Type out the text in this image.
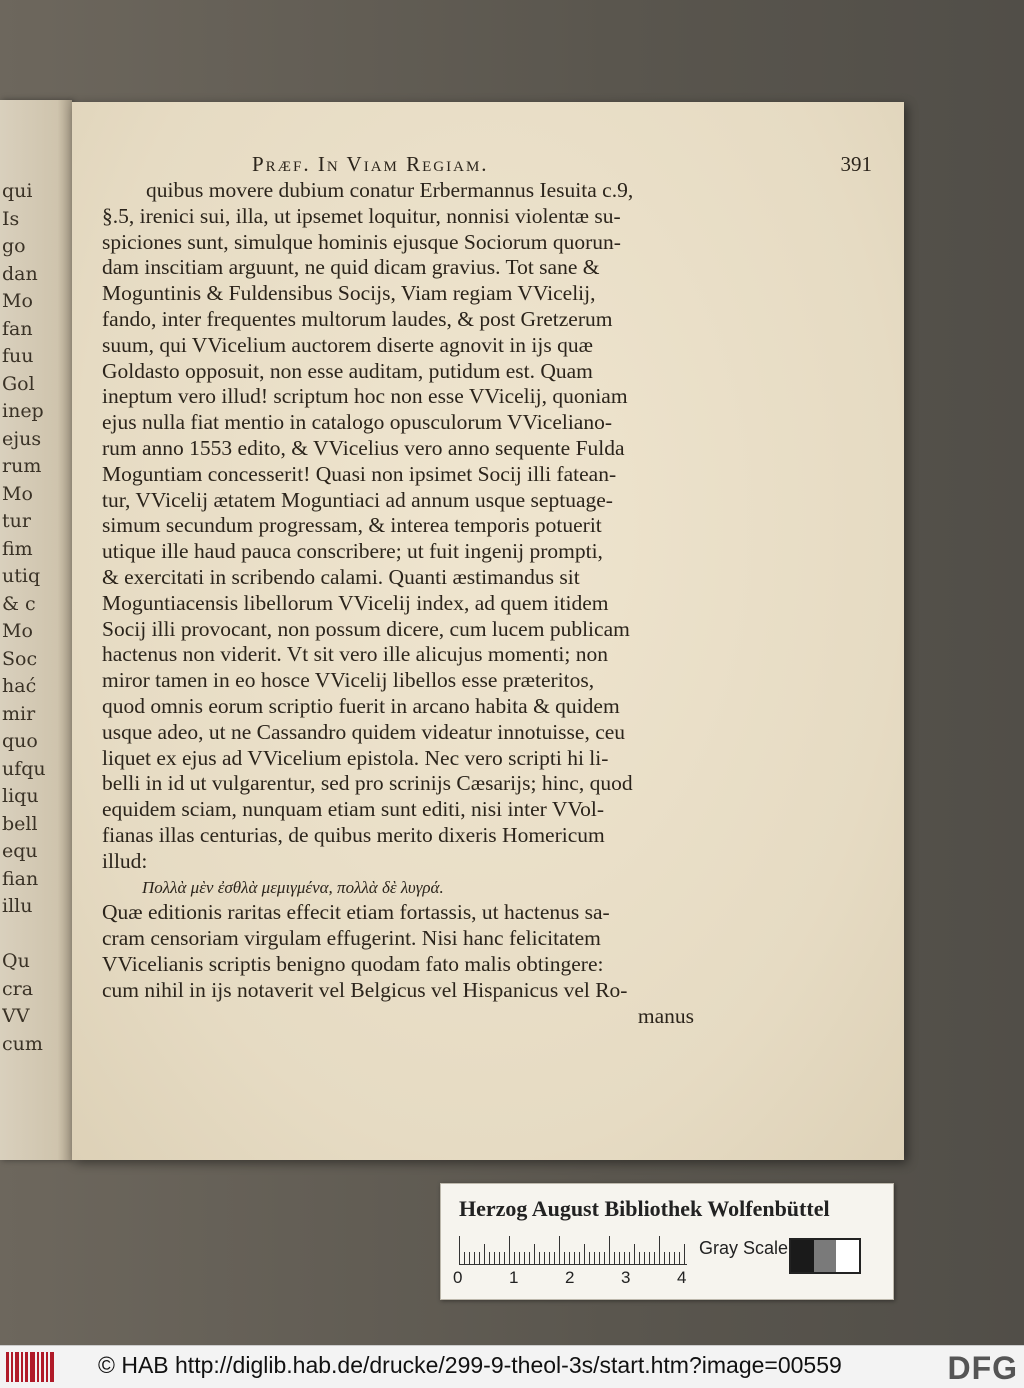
qui
Is
go
dan
Mo
fan
fuu
Gol
inep
ejus
rum
Mo
tur
fim
utiq
& c
Mo
Soc
hać
mir
quo
ufqu
liqu
bell
equ
fian
illu
Qu
cra
VV
cum
Præf. In Viam Regiam.	391
quibus movere dubium conatur Erbermannus Iesuita c.9,
§.5, irenici sui, illa, ut ipsemet loquitur, nonnisi violentæ su-
spiciones sunt, simulque hominis ejusque Sociorum quorun-
dam inscitiam arguunt, ne quid dicam gravius. Tot sane &
Moguntinis & Fuldensibus Socijs, Viam regiam VVicelij,
fando, inter frequentes multorum laudes, & post Gretzerum
suum, qui VVicelium auctorem diserte agnovit in ijs quæ
Goldasto opposuit, non esse auditam, putidum est. Quam
ineptum vero illud! scriptum hoc non esse VVicelij, quoniam
ejus nulla fiat mentio in catalogo opusculorum VVicelianо-
rum anno 1553 edito, & VVicelius vero anno sequente Fulda
Moguntiam concesserit! Quasi non ipsimet Socij illi fatean-
tur, VVicelij ætatem Moguntiaci ad annum usque septuage-
simum secundum progressam, & interea temporis potuerit
utique ille haud pauca conscribere; ut fuit ingenij prompti,
& exercitati in scribendo calami. Quanti æstimandus sit
Moguntiacensis libellorum VVicelij index, ad quem itidem
Socij illi provocant, non possum dicere, cum lucem publicam
hactenus non viderit. Vt sit vero ille alicujus momenti; non
miror tamen in eo hosce VVicelij libellos esse præteritos,
quod omnis eorum scriptio fuerit in arcano habita & quidem
usque adeo, ut ne Cassandro quidem videatur innotuisse, ceu
liquet ex ejus ad VVicelium epistola. Nec vero scripti hi li-
belli in id ut vulgarentur, sed pro scrinijs Cæsarijs; hinc, quod
equidem sciam, nunquam etiam sunt editi, nisi inter VVol-
fianas illas centurias, de quibus merito dixeris Homericum
illud:
Πολλὰ μὲν ἐσθλὰ μεμιγμένα, πολλὰ δὲ λυγρά.
Quæ editionis raritas effecit etiam fortassis, ut hactenus sa-
cram censoriam virgulam effugerint. Nisi hanc felicitatem
VVicelianis scriptis benigno quodam fato malis obtingere:
cum nihil in ijs notaverit vel Belgicus vel Hispanicus vel Ro-
manus
Herzog August Bibliothek Wolfenbüttel
0	1	2	3	4
Gray Scale
© HAB http://diglib.hab.de/drucke/299-9-theol-3s/start.htm?image=00559	DFG
